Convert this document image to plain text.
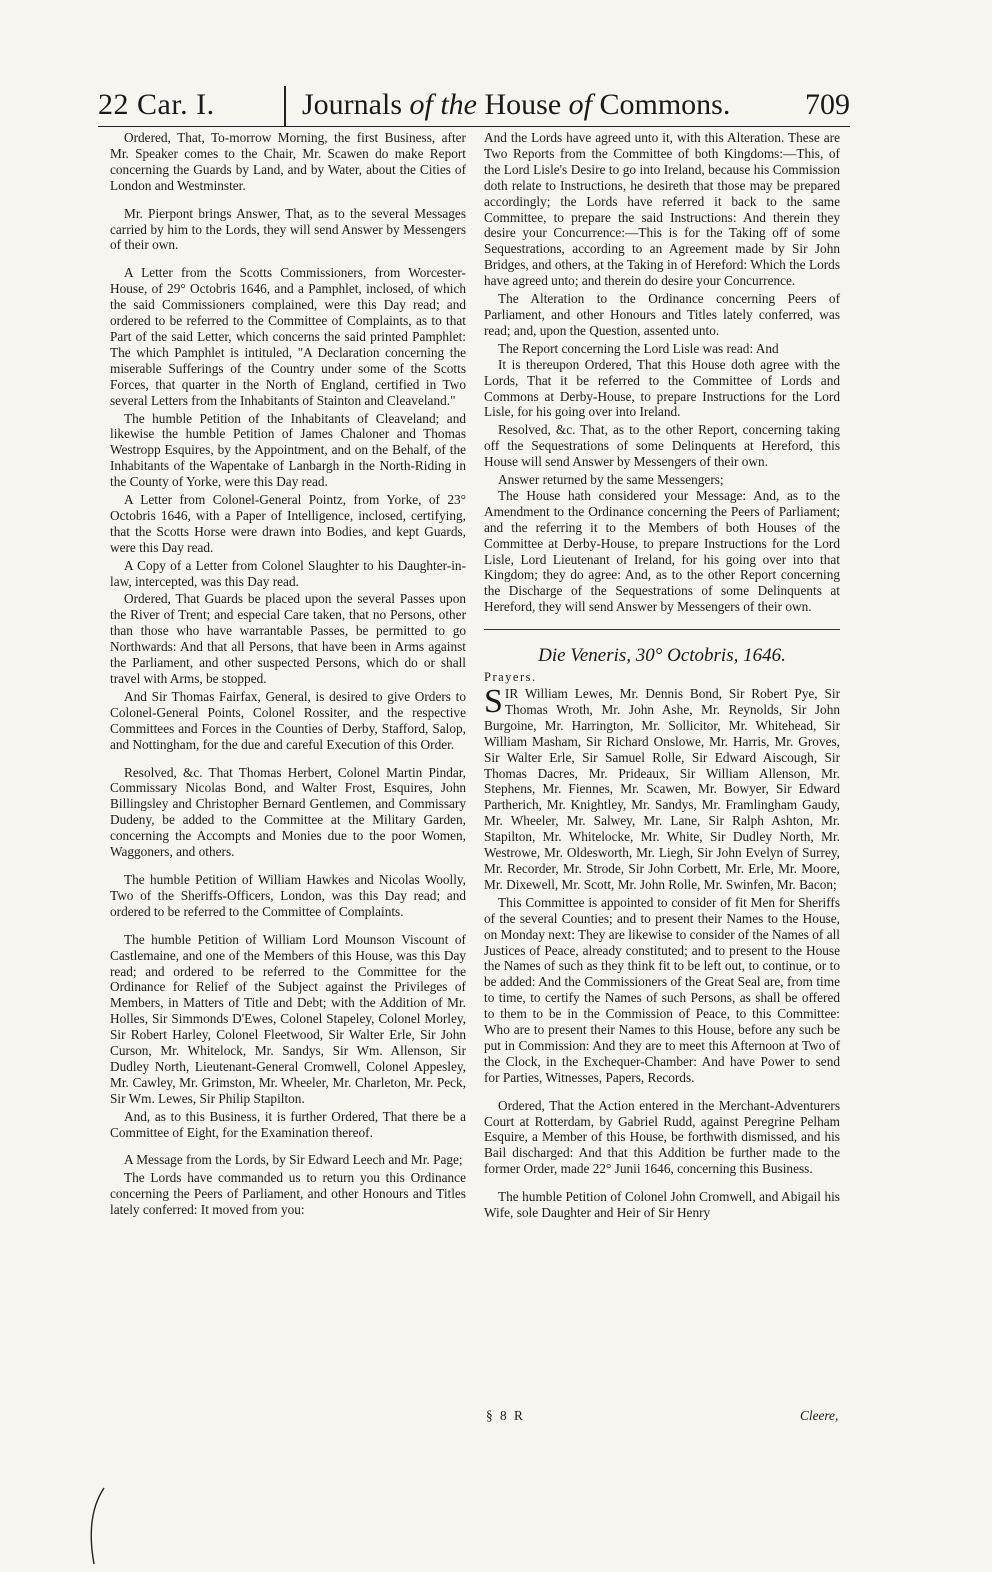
22 Car. I.	Journals of the House of Commons. 709

Ordered, That, To-morrow Morning, the first Business, after Mr. Speaker comes to the Chair, Mr. Scawen do make Report concerning the Guards by Land, and by Water, about the Cities of London and Westminster.

Mr. Pierpont brings Answer, That, as to the several Messages carried by him to the Lords, they will send Answer by Messengers of their own.

A Letter from the Scotts Commissioners, from Worcester-House, of 29° Octobris 1646, and a Pamphlet, inclosed, of which the said Commissioners complained, were this Day read; and ordered to be referred to the Committee of Complaints, as to that Part of the said Letter, which concerns the said printed Pamphlet: The which Pamphlet is intituled, "A Declaration concerning the miserable Sufferings of the Country under some of the Scotts Forces, that quarter in the North of England, certified in Two several Letters from the Inhabitants of Stainton and Cleaveland."

The humble Petition of the Inhabitants of Cleaveland; and likewise the humble Petition of James Chaloner and Thomas Westropp Esquires, by the Appointment, and on the Behalf, of the Inhabitants of the Wapentake of Lanbargh in the North-Riding in the County of Yorke, were this Day read.

A Letter from Colonel-General Pointz, from Yorke, of 23° Octobris 1646, with a Paper of Intelligence, inclosed, certifying, that the Scotts Horse were drawn into Bodies, and kept Guards, were this Day read.

A Copy of a Letter from Colonel Slaughter to his Daughter-in-law, intercepted, was this Day read.

Ordered, That Guards be placed upon the several Passes upon the River of Trent; and especial Care taken, that no Persons, other than those who have warrantable Passes, be permitted to go Northwards: And that all Persons, that have been in Arms against the Parliament, and other suspected Persons, which do or shall travel with Arms, be stopped.

And Sir Thomas Fairfax, General, is desired to give Orders to Colonel-General Points, Colonel Rossiter, and the respective Committees and Forces in the Counties of Derby, Stafford, Salop, and Nottingham, for the due and careful Execution of this Order.

Resolved, &c. That Thomas Herbert, Colonel Martin Pindar, Commissary Nicolas Bond, and Walter Frost, Esquires, John Billingsley and Christopher Bernard Gentlemen, and Commissary Dudeny, be added to the Committee at the Military Garden, concerning the Accompts and Monies due to the poor Women, Waggoners, and others.

The humble Petition of William Hawkes and Nicolas Woolly, Two of the Sheriffs-Officers, London, was this Day read; and ordered to be referred to the Committee of Complaints.

The humble Petition of William Lord Mounson Viscount of Castlemaine, and one of the Members of this House, was this Day read; and ordered to be referred to the Committee for the Ordinance for Relief of the Subject against the Privileges of Members, in Matters of Title and Debt; with the Addition of Mr. Holles, Sir Simmonds D'Ewes, Colonel Stapeley, Colonel Morley, Sir Robert Harley, Colonel Fleetwood, Sir Walter Erle, Sir John Curson, Mr. Whitelock, Mr. Sandys, Sir Wm. Allenson, Sir Dudley North, Lieutenant-General Cromwell, Colonel Appesley, Mr. Cawley, Mr. Grimston, Mr. Wheeler, Mr. Charleton, Mr. Peck, Sir Wm. Lewes, Sir Philip Stapilton.

And, as to this Business, it is further Ordered, That there be a Committee of Eight, for the Examination thereof.

A Message from the Lords, by Sir Edward Leech and Mr. Page;

The Lords have commanded us to return you this Ordinance concerning the Peers of Parliament, and other Honours and Titles lately conferred: It moved from you:

And the Lords have agreed unto it, with this Alteration. These are Two Reports from the Committee of both Kingdoms:—This, of the Lord Lisle's Desire to go into Ireland, because his Commission doth relate to Instructions, he desireth that those may be prepared accordingly; the Lords have referred it back to the same Committee, to prepare the said Instructions: And therein they desire your Concurrence:—This is for the Taking off of some Sequestrations, according to an Agreement made by Sir John Bridges, and others, at the Taking in of Hereford: Which the Lords have agreed unto; and therein do desire your Concurrence.

The Alteration to the Ordinance concerning Peers of Parliament, and other Honours and Titles lately conferred, was read; and, upon the Question, assented unto.

The Report concerning the Lord Lisle was read: And

It is thereupon Ordered, That this House doth agree with the Lords, That it be referred to the Committee of Lords and Commons at Derby-House, to prepare Instructions for the Lord Lisle, for his going over into Ireland.

Resolved, &c. That, as to the other Report, concerning taking off the Sequestrations of some Delinquents at Hereford, this House will send Answer by Messengers of their own.

Answer returned by the same Messengers;

The House hath considered your Message: And, as to the Amendment to the Ordinance concerning the Peers of Parliament; and the referring it to the Members of both Houses of the Committee at Derby-House, to prepare Instructions for the Lord Lisle, Lord Lieutenant of Ireland, for his going over into that Kingdom; they do agree: And, as to the other Report concerning the Discharge of the Sequestrations of some Delinquents at Hereford, they will send Answer by Messengers of their own.

Die Veneris, 30° Octobris, 1646.

Prayers.

SIR William Lewes, Mr. Dennis Bond, Sir Robert Pye, Sir Thomas Wroth, Mr. John Ashe, Mr. Reynolds, Sir John Burgoine, Mr. Harrington, Mr. Sollicitor, Mr. Whitehead, Sir William Masham, Sir Richard Onslowe, Mr. Harris, Mr. Groves, Sir Walter Erle, Sir Samuel Rolle, Sir Edward Aiscough, Sir Thomas Dacres, Mr. Prideaux, Sir William Allenson, Mr. Stephens, Mr. Fiennes, Mr. Scawen, Mr. Bowyer, Sir Edward Partherich, Mr. Knightley, Mr. Sandys, Mr. Framlingham Gaudy, Mr. Wheeler, Mr. Salwey, Mr. Lane, Sir Ralph Ashton, Mr. Stapilton, Mr. Whitelocke, Mr. White, Sir Dudley North, Mr. Westrowe, Mr. Oldesworth, Mr. Liegh, Sir John Evelyn of Surrey, Mr. Recorder, Mr. Strode, Sir John Corbett, Mr. Erle, Mr. Moore, Mr. Dixewell, Mr. Scott, Mr. John Rolle, Mr. Swinfen, Mr. Bacon;

This Committee is appointed to consider of fit Men for Sheriffs of the several Counties; and to present their Names to the House, on Monday next: They are likewise to consider of the Names of all Justices of Peace, already constituted; and to present to the House the Names of such as they think fit to be left out, to continue, or to be added: And the Commissioners of the Great Seal are, from time to time, to certify the Names of such Persons, as shall be offered to them to be in the Commission of Peace, to this Committee: Who are to present their Names to this House, before any such be put in Commission: And they are to meet this Afternoon at Two of the Clock, in the Exchequer-Chamber: And have Power to send for Parties, Witnesses, Papers, Records.

Ordered, That the Action entered in the Merchant-Adventurers Court at Rotterdam, by Gabriel Rudd, against Peregrine Pelham Esquire, a Member of this House, be forthwith dismissed, and his Bail discharged: And that this Addition be further made to the former Order, made 22° Junii 1646, concerning this Business.

The humble Petition of Colonel John Cromwell, and Abigail his Wife, sole Daughter and Heir of Sir Henry

§ 8 R	Cleere,
